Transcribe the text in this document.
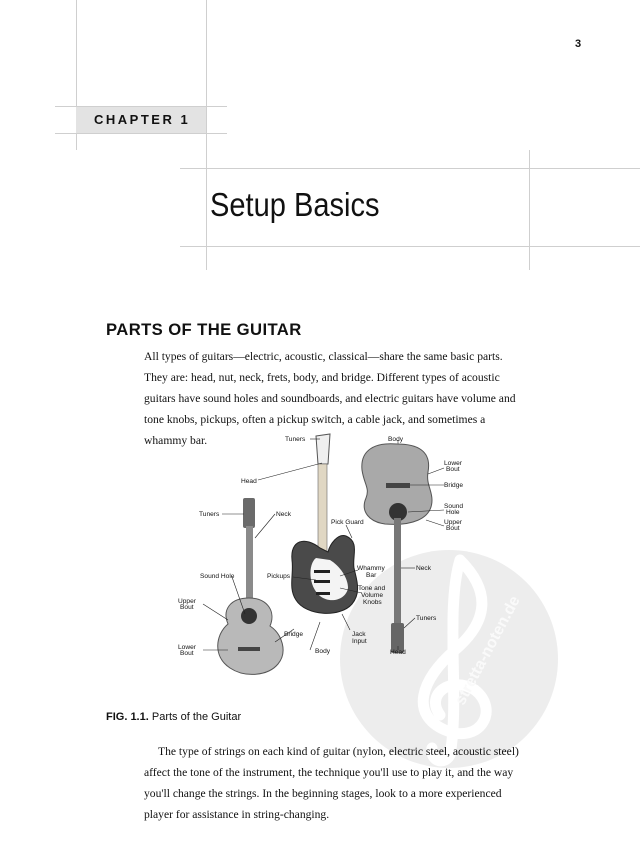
stretta-noten.de
3
CHAPTER 1
Setup Basics
PARTS OF THE GUITAR
All types of guitars—electric, acoustic, classical—share the same basic parts. They are: head, nut, neck, frets, body, and bridge. Different types of acoustic guitars have sound holes and soundboards, and electric guitars have volume and tone knobs, pickups, often a pickup switch, a cable jack, and sometimes a whammy bar.	Tuners
Head
Tuners	Neck
Pick Guard
Whammy
Bar
Sound Hole	Pickups
Tone and
Volume
Knobs
Upper
Bout
Lower
Bout
Bridge	Jack
Input
Body
Body
Lower
Bout
Bridge
Sound
Hole
Upper
Bout
Neck
Tuners
Head
FIG. 1.1. Parts of the Guitar
The type of strings on each kind of guitar (nylon, electric steel, acoustic steel) affect the tone of the instrument, the technique you'll use to play it, and the way you'll change the strings. In the beginning stages, look to a more experienced player for assistance in string-changing.
